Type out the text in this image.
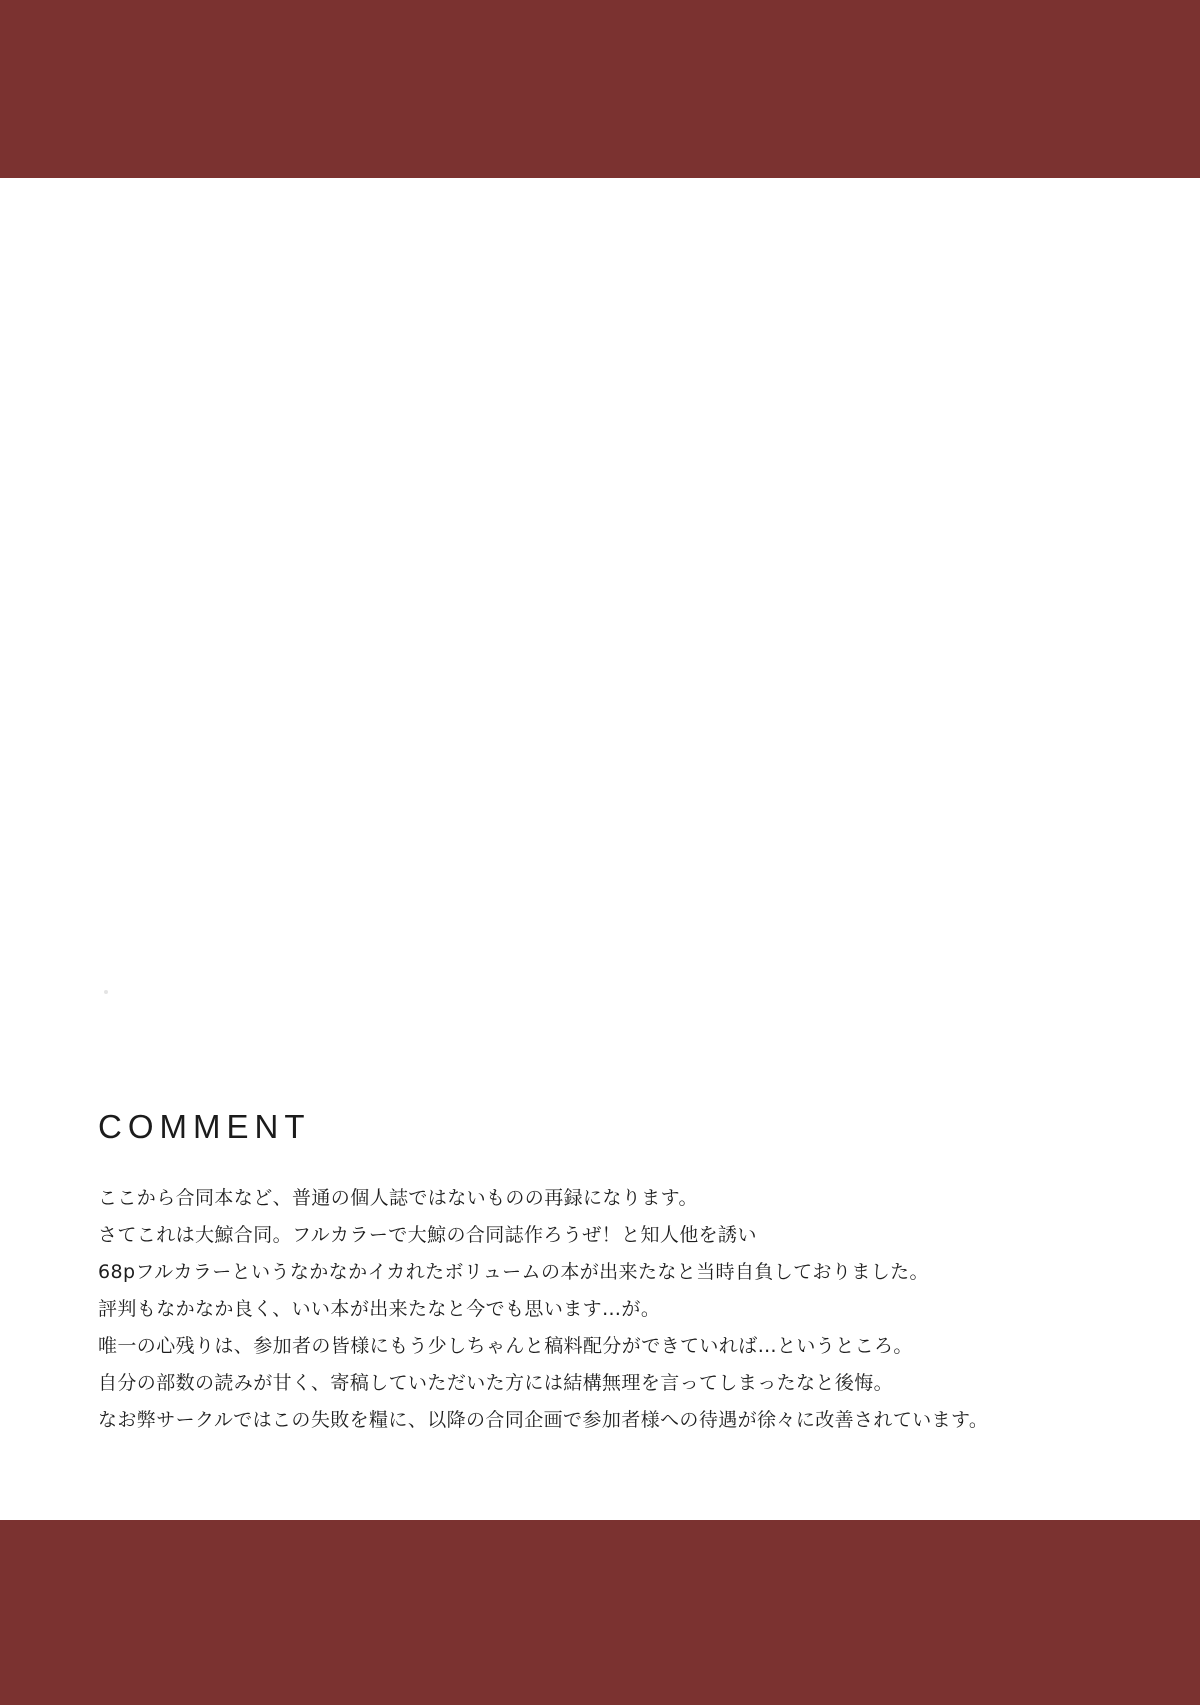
COMMENT
ここから合同本など、普通の個人誌ではないものの再録になります。
さてこれは大鯨合同。フルカラーで大鯨の合同誌作ろうぜ！と知人他を誘い
68pフルカラーというなかなかイカれたボリュームの本が出来たなと当時自負しておりました。
評判もなかなか良く、いい本が出来たなと今でも思います…が。
唯一の心残りは、参加者の皆様にもう少しちゃんと稿料配分ができていれば…というところ。
自分の部数の読みが甘く、寄稿していただいた方には結構無理を言ってしまったなと後悔。
なお弊サークルではこの失敗を糧に、以降の合同企画で参加者様への待遇が徐々に改善されています。
